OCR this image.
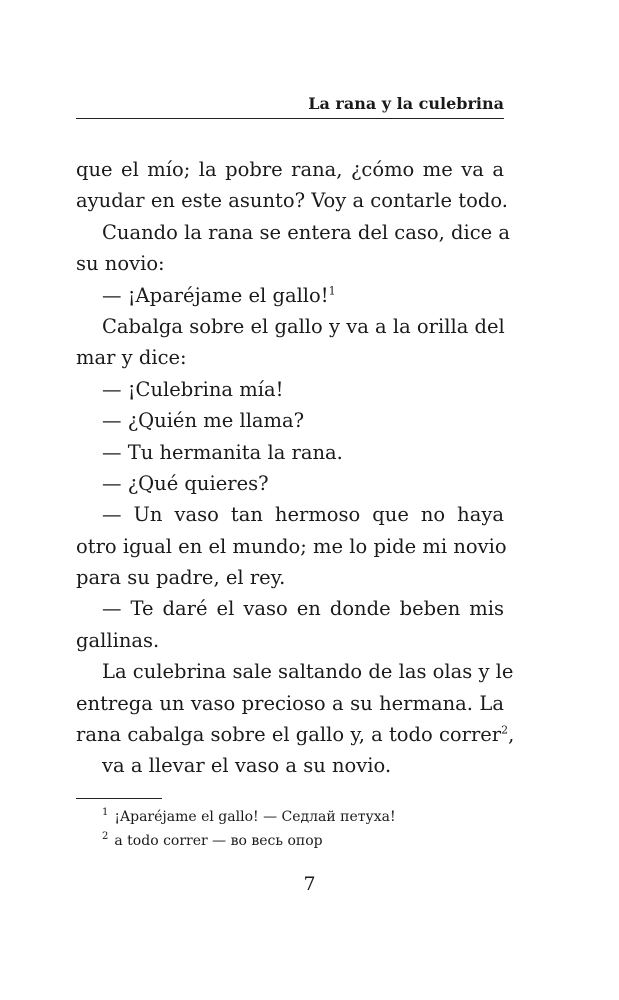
La rana y la culebrina

que el mío; la pobre rana, ¿cómo me va a

ayudar en este asunto? Voy a contarle todo.

Cuando la rana se entera del caso, dice a

su novio:

— ¡Aparéjame el gallo!$^1$

Cabalga sobre el gallo y va a la orilla del

mar y dice:

— ¡Culebrina mía!

— ¿Quién me llama?

— Tu hermanita la rana.

— ¿Qué quieres?

— Un vaso tan hermoso que no haya

otro igual en el mundo; me lo pide mi novio

para su padre, el rey.

— Te daré el vaso en donde beben mis

gallinas.

La culebrina sale saltando de las olas y le

entrega un vaso precioso a su hermana. La

rana cabalga sobre el gallo y, a todo correr$^2$,

va a llevar el vaso a su novio.

$^1$ ¡Aparéjame el gallo! — Седлай петуха!
$^2$ a todo correr — во весь опор
7
